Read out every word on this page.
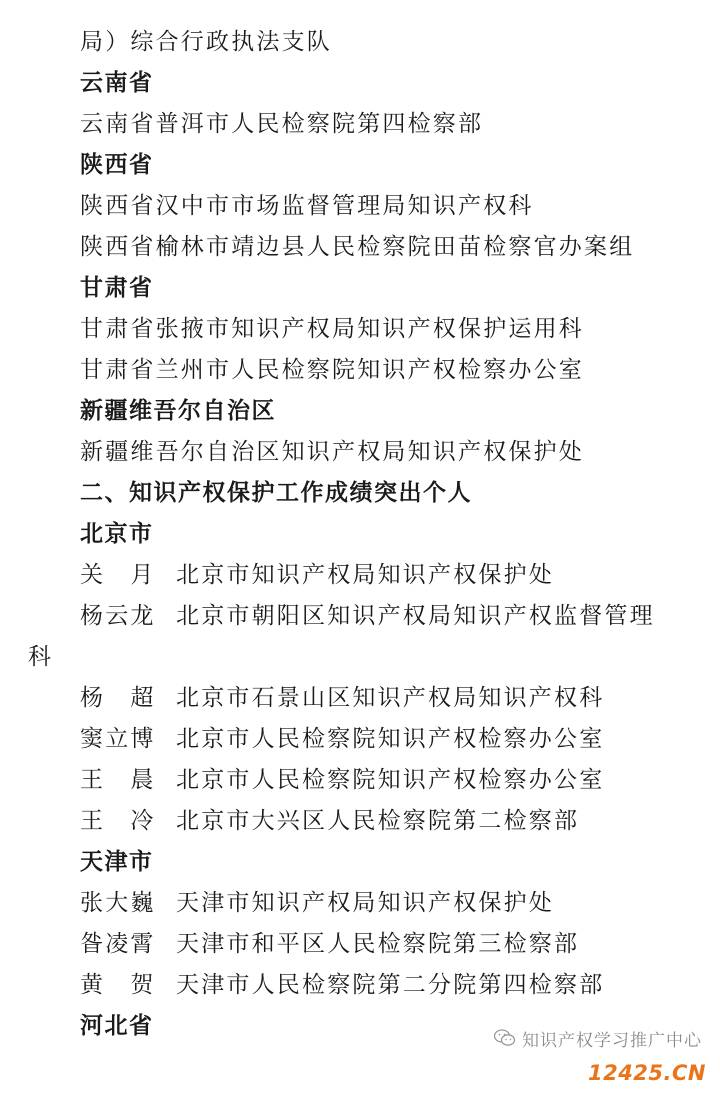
局）综合行政执法支队
云南省
云南省普洱市人民检察院第四检察部
陕西省
陕西省汉中市市场监督管理局知识产权科
陕西省榆林市靖边县人民检察院田苗检察官办案组
甘肃省
甘肃省张掖市知识产权局知识产权保护运用科
甘肃省兰州市人民检察院知识产权检察办公室
新疆维吾尔自治区
新疆维吾尔自治区知识产权局知识产权保护处
二、知识产权保护工作成绩突出个人
北京市
关　月 北京市知识产权局知识产权保护处
杨云龙 北京市朝阳区知识产权局知识产权监督管理
科
杨　超 北京市石景山区知识产权局知识产权科
窦立博 北京市人民检察院知识产权检察办公室
王　晨 北京市人民检察院知识产权检察办公室
王　冷 北京市大兴区人民检察院第二检察部
天津市
张大巍 天津市知识产权局知识产权保护处
昝凌霄 天津市和平区人民检察院第三检察部
黄　贺 天津市人民检察院第二分院第四检察部
河北省
知识产权学习推广中心
12425.CN
